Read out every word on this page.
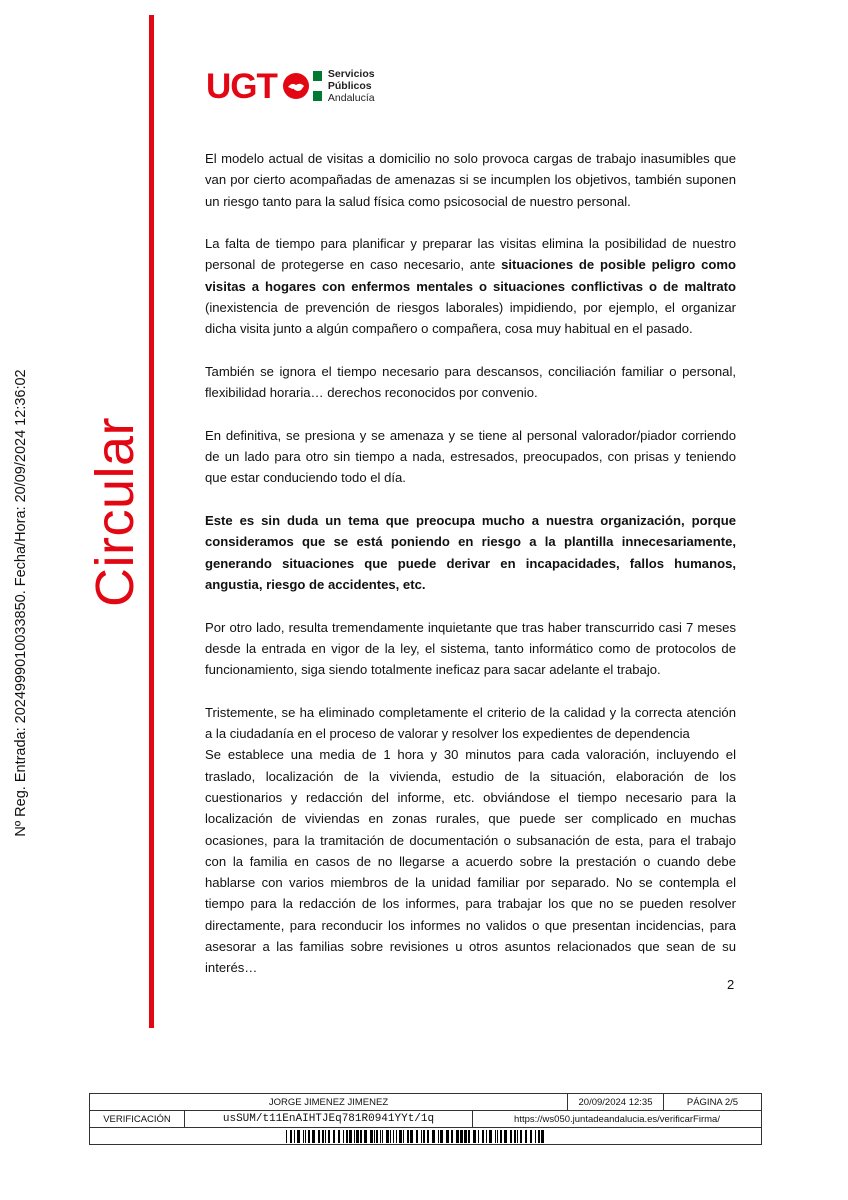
Nº Reg. Entrada: 2024999010033850. Fecha/Hora: 20/09/2024 12:36:02 Circular
UGT	Servicios
Públicos
Andalucía

El modelo actual de visitas a domicilio no solo provoca cargas de trabajo inasumibles que van por cierto acompañadas de amenazas si se incumplen los objetivos, también suponen un riesgo tanto para la salud física como psicosocial de nuestro personal.

La falta de tiempo para planificar y preparar las visitas elimina la posibilidad de nuestro personal de protegerse en caso necesario, ante situaciones de posible peligro como visitas a hogares con enfermos mentales o situaciones conflictivas o de maltrato (inexistencia de prevención de riesgos laborales) impidiendo, por ejemplo, el organizar dicha visita junto a algún compañero o compañera, cosa muy habitual en el pasado.

También se ignora el tiempo necesario para descansos, conciliación familiar o personal, flexibilidad horaria… derechos reconocidos por convenio.

En definitiva, se presiona y se amenaza y se tiene al personal valorador/piador corriendo de un lado para otro sin tiempo a nada, estresados, preocupados, con prisas y teniendo que estar conduciendo todo el día.

Este es sin duda un tema que preocupa mucho a nuestra organización, porque consideramos que se está poniendo en riesgo a la plantilla innecesariamente, generando situaciones que puede derivar en incapacidades, fallos humanos, angustia, riesgo de accidentes, etc.

Por otro lado, resulta tremendamente inquietante que tras haber transcurrido casi 7 meses desde la entrada en vigor de la ley, el sistema, tanto informático como de protocolos de funcionamiento, siga siendo totalmente ineficaz para sacar adelante el trabajo.

Tristemente, se ha eliminado completamente el criterio de la calidad y la correcta atención a la ciudadanía en el proceso de valorar y resolver los expedientes de dependencia

Se establece una media de 1 hora y 30 minutos para cada valoración, incluyendo el traslado, localización de la vivienda, estudio de la situación, elaboración de los cuestionarios y redacción del informe, etc. obviándose el tiempo necesario para la localización de viviendas en zonas rurales, que puede ser complicado en muchas ocasiones, para la tramitación de documentación o subsanación de esta, para el trabajo con la familia en casos de no llegarse a acuerdo sobre la prestación o cuando debe hablarse con varios miembros de la unidad familiar por separado. No se contempla el tiempo para la redacción de los informes, para trabajar los que no se pueden resolver directamente, para reconducir los informes no validos o que presentan incidencias, para asesorar a las familias sobre revisiones u otros asuntos relacionados que sean de su interés…

2
JORGE JIMENEZ JIMENEZ	20/09/2024 12:35	PÁGINA 2/5
VERIFICACIÓN	usSUM/t11EnAIHTJEq781R0941YYt/1q	https://ws050.juntadeandalucia.es/verificarFirma/
